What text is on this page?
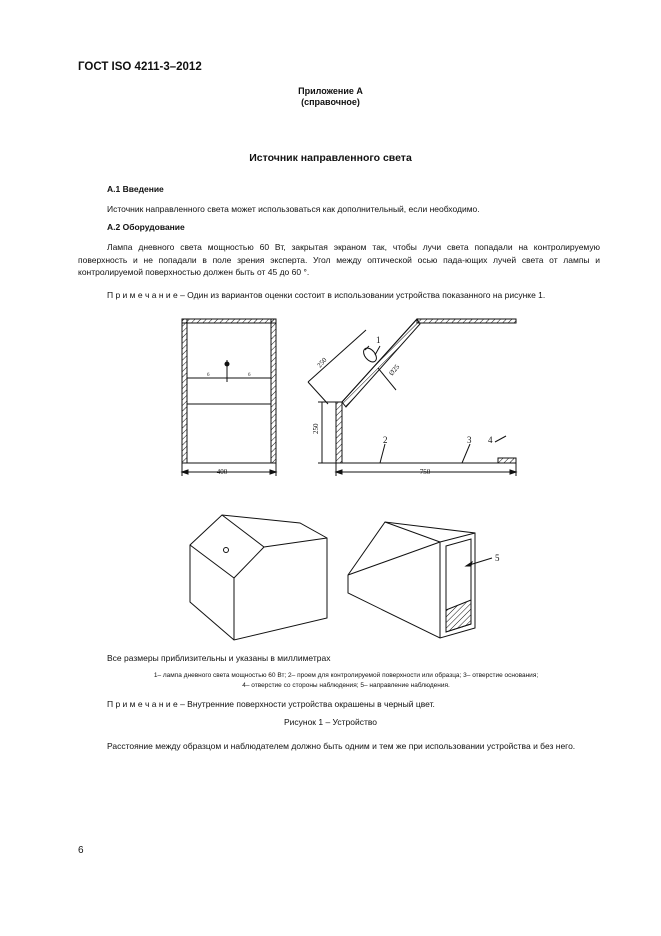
ГОСТ ISO 4211-3–2012
Приложение А
(справочное)
Источник направленного света
А.1 Введение
Источник направленного света может использоваться как дополнительный, если необходимо.
А.2 Оборудование
Лампа дневного света мощностью 60 Вт, закрытая экраном так, чтобы лучи света попадали на контролируемую поверхность и не попадали в поле зрения эксперта. Угол между оптической осью пада-ющих лучей света от лампы и контролируемой поверхностью должен быть от 45 до 60 °.
П р и м е ч а н и е – Один из вариантов оценки состоит в использовании устройства показанного на рисунке 1.
400	750
250
250
Ø25
6	6
1
2	3 4
5
Все размеры приблизительны и указаны в миллиметрах
1– лампа дневного света мощностью 60 Вт; 2– проем для контролируемой поверхности или образца; 3– отверстие основания;
4– отверстие со стороны наблюдения; 5– направление наблюдения.
П р и м е ч а н и е – Внутренние поверхности устройства окрашены в черный цвет.
Рисунок 1 – Устройство
Расстояние между образцом и наблюдателем должно быть одним и тем же при использовании устройства и без него.
6
